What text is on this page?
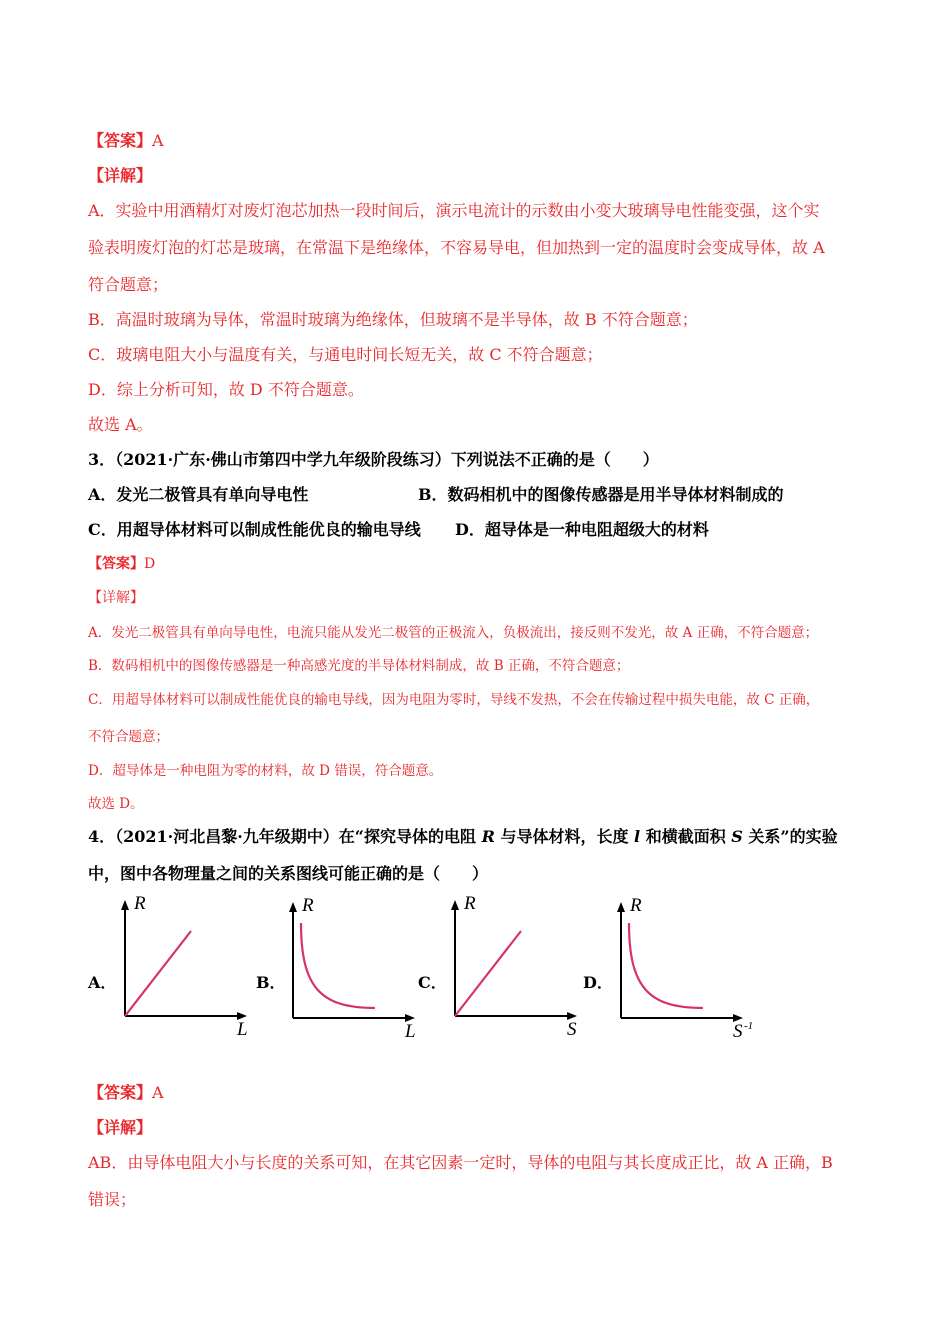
【答案】A
【详解】
A．实验中用酒精灯对废灯泡芯加热一段时间后，演示电流计的示数由小变大玻璃导电性能变强，这个实
验表明废灯泡的灯芯是玻璃，在常温下是绝缘体，不容易导电，但加热到一定的温度时会变成导体，故 A
符合题意；
B．高温时玻璃为导体，常温时玻璃为绝缘体，但玻璃不是半导体，故 B 不符合题意；
C．玻璃电阻大小与温度有关，与通电时间长短无关，故 C 不符合题意；
D．综上分析可知，故 D 不符合题意。
故选 A。
3．（2021·广东·佛山市第四中学九年级阶段练习）下列说法不正确的是（　　）
A．发光二极管具有单向导电性	B．数码相机中的图像传感器是用半导体材料制成的
C．用超导体材料可以制成性能优良的输电导线 D．超导体是一种电阻超级大的材料
【答案】D
【详解】
A．发光二极管具有单向导电性，电流只能从发光二极管的正极流入，负极流出，接反则不发光，故 A 正确，不符合题意；
B．数码相机中的图像传感器是一种高感光度的半导体材料制成，故 B 正确，不符合题意；
C．用超导体材料可以制成性能优良的输电导线，因为电阻为零时，导线不发热，不会在传输过程中损失电能，故 C 正确，
不符合题意；
D．超导体是一种电阻为零的材料，故 D 错误，符合题意。
故选 D。
4．（2021·河北昌黎·九年级期中）在“探究导体的电阻 R 与导体材料，长度 l 和横截面积 S 关系”的实验
中，图中各物理量之间的关系图线可能正确的是（　　）
A．	B．	C．	D．
R
L
R
L
R
S
R
S -1
【答案】A
【详解】
AB．由导体电阻大小与长度的关系可知，在其它因素一定时，导体的电阻与其长度成正比，故 A 正确，B
错误；
